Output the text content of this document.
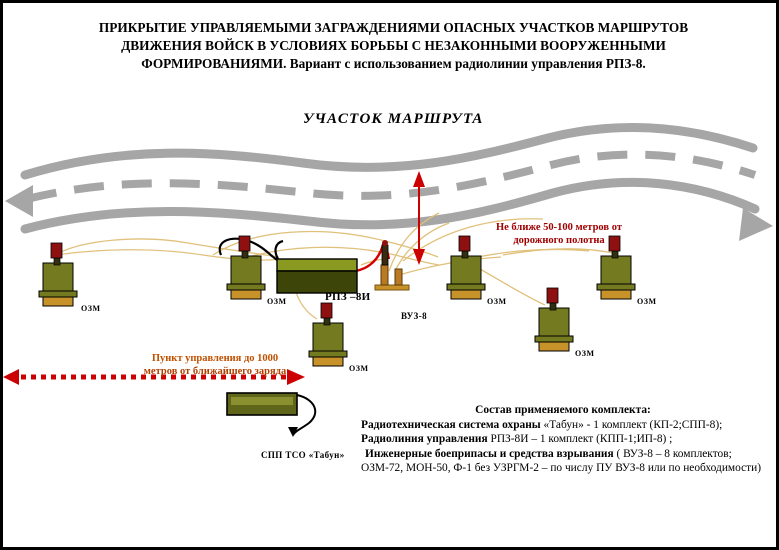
ПРИКРЫТИЕ УПРАВЛЯЕМЫМИ ЗАГРАЖДЕНИЯМИ ОПАСНЫХ УЧАСТКОВ МАРШРУТОВ
ДВИЖЕНИЯ ВОЙСК В УСЛОВИЯХ БОРЬБЫ С НЕЗАКОННЫМИ ВООРУЖЕННЫМИ
ФОРМИРОВАНИЯМИ. Вариант с использованием радиолинии управления РПЗ-8.
УЧАСТОК МАРШРУТА
Не ближе 50-100 метров от
дорожного полотна
Пункт управления до 1000
метров от ближайшего заряда
РПЗ –8И
ВУЗ-8
СПП ТСО «Табун»
ОЗМ
ОЗМ
ОЗМ
ОЗМ
ОЗМ
ОЗМ
Состав применяемого комплекта:
Радиотехническая система охраны «Табун» - 1 комплект (КП-2;СПП-8);
Радиолиния управления РПЗ-8И – 1 комплект (КПП-1;ИП-8) ;
Инженерные боеприпасы и средства взрывания ( ВУЗ-8 – 8 комплектов; ОЗМ-72, МОН-50, Ф-1 без УЗРГМ-2 – по числу ПУ ВУЗ-8 или по необходимости)
